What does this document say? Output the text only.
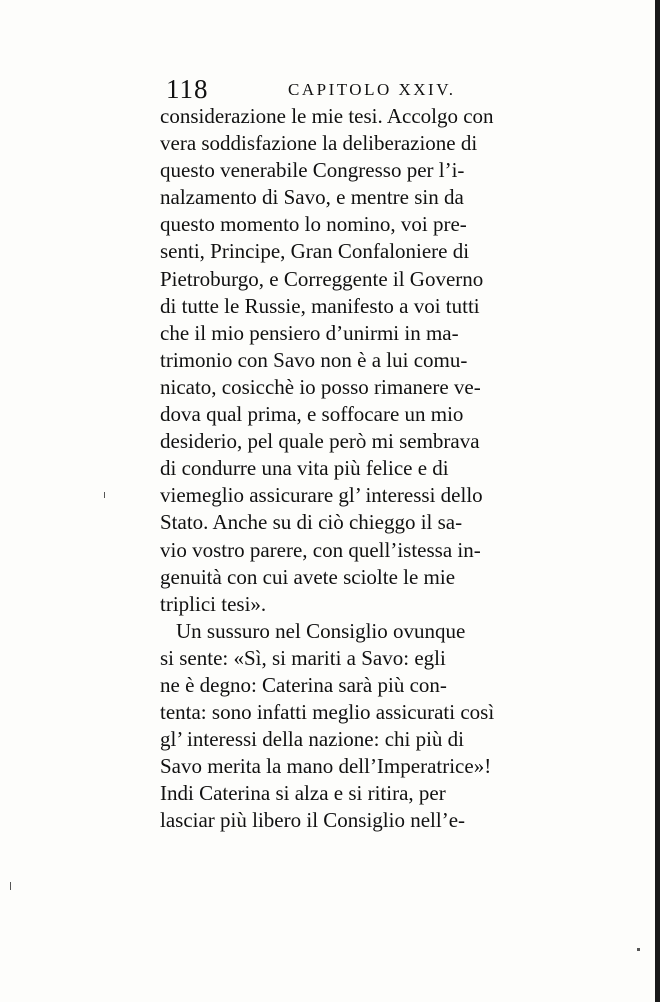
118	CAPITOLO XXIV.
considerazione le mie tesi. Accolgo con
vera soddisfazione la deliberazione di
questo venerabile Congresso per l’i-
nalzamento di Savo, e mentre sin da
questo momento lo nomino, voi pre-
senti, Principe, Gran Confaloniere di
Pietroburgo, e Correggente il Governo
di tutte le Russie, manifesto a voi tutti
che il mio pensiero d’unirmi in ma-
trimonio con Savo non è a lui comu-
nicato, cosicchè io posso rimanere ve-
dova qual prima, e soffocare un mio
desiderio, pel quale però mi sembrava
di condurre una vita più felice e di
viemeglio assicurare gl’ interessi dello
Stato. Anche su di ciò chieggo il sa-
vio vostro parere, con quell’istessa in-
genuità con cui avete sciolte le mie
triplici tesi».
Un sussuro nel Consiglio ovunque
si sente: «Sì, si mariti a Savo: egli
ne è degno: Caterina sarà più con-
tenta: sono infatti meglio assicurati così
gl’ interessi della nazione: chi più di
Savo merita la mano dell’Imperatrice»!
Indi Caterina si alza e si ritira, per
lasciar più libero il Consiglio nell’e-
